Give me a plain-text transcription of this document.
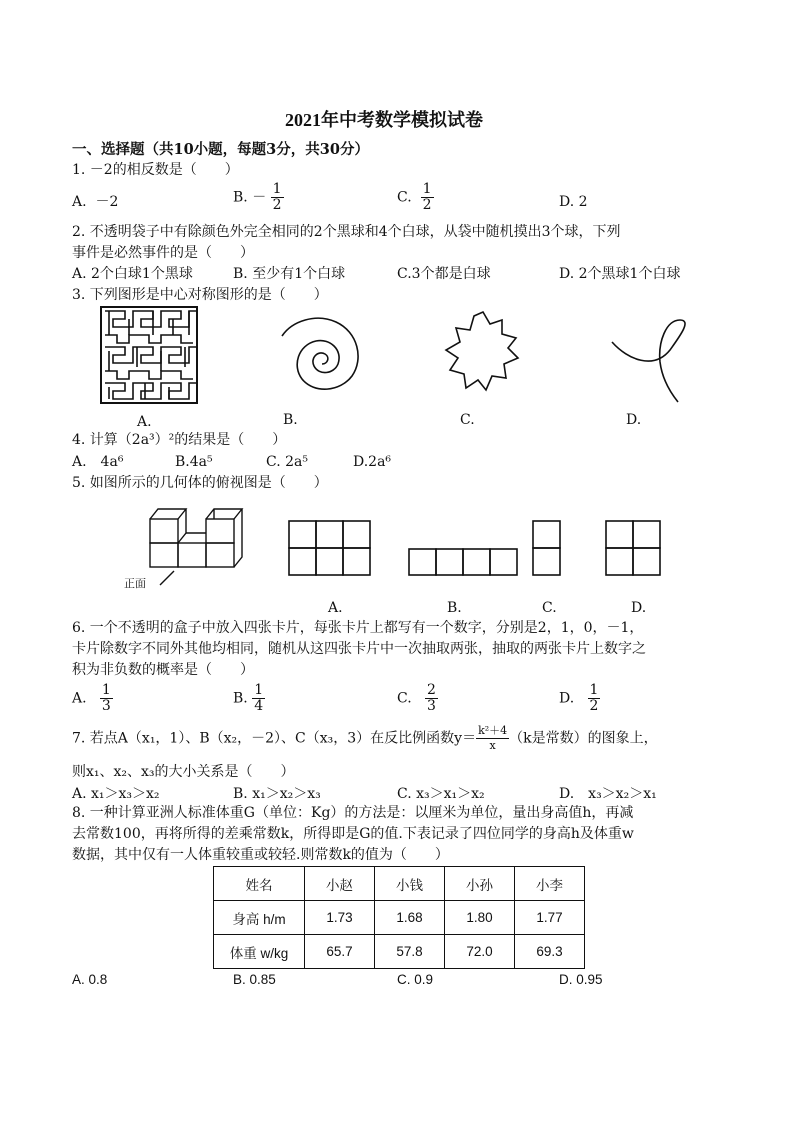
2021年中考数学模拟试卷
一、选择题（共10小题，每题3分，共30分）
1. －2的相反数是（　　）
A. －2	B. － $\frac{1}{2}$	C. $\frac{1}{2}$	D. 2
2. 不透明袋子中有除颜色外完全相同的2个黑球和4个白球，从袋中随机摸出3个球，下列
事件是必然事件的是（　　）
A. 2个白球1个黑球	B. 至少有1个白球	C.3个都是白球	D. 2个黑球1个白球
3. 下列图形是中心对称图形的是（　　）
A.	B.	C.	D.
4. 计算（2a³）²的结果是（　　）
A.　4a⁶	B.4a⁵	C. 2a⁵	D.2a⁶
5. 如图所示的几何体的俯视图是（　　）
正面
A.	B.	C.	D.
6. 一个不透明的盒子中放入四张卡片，每张卡片上都写有一个数字，分别是2，1，0，－1，
卡片除数字不同外其他均相同，随机从这四张卡片中一次抽取两张，抽取的两张卡片上数字之
积为非负数的概率是（　　）
A. $\frac{1}{3}$	B. $\frac{1}{4}$	C. $\frac{2}{3}$	D. $\frac{1}{2}$
7. 若点A（x₁，1）、B（x₂，－2）、C（x₃，3）在反比例函数$y= \frac{\text{k²＋4}}{x} (k$是常数）的图象上，
则x₁、x₂、x₃的大小关系是（　　）
A. x₁＞x₃＞x₂	B. x₁＞x₂＞x₃	C. x₃＞x₁＞x₂	D.　x₃＞x₂＞x₁
8. 一种计算亚洲人标准体重G（单位：Kg）的方法是：以厘米为单位，量出身高值h，再减
去常数100，再将所得的差乘常数k，所得即是G的值.下表记录了四位同学的身高h及体重w
数据，其中仅有一人体重较重或较轻.则常数k的值为（　　）
姓名	小赵	小钱	小孙	小李
身高 h/m	1.73	1.68	1.80	1.77
体重 w/kg	65.7	57.8	72.0	69.3
A. 0.8	B. 0.85	C. 0.9	D. 0.95
